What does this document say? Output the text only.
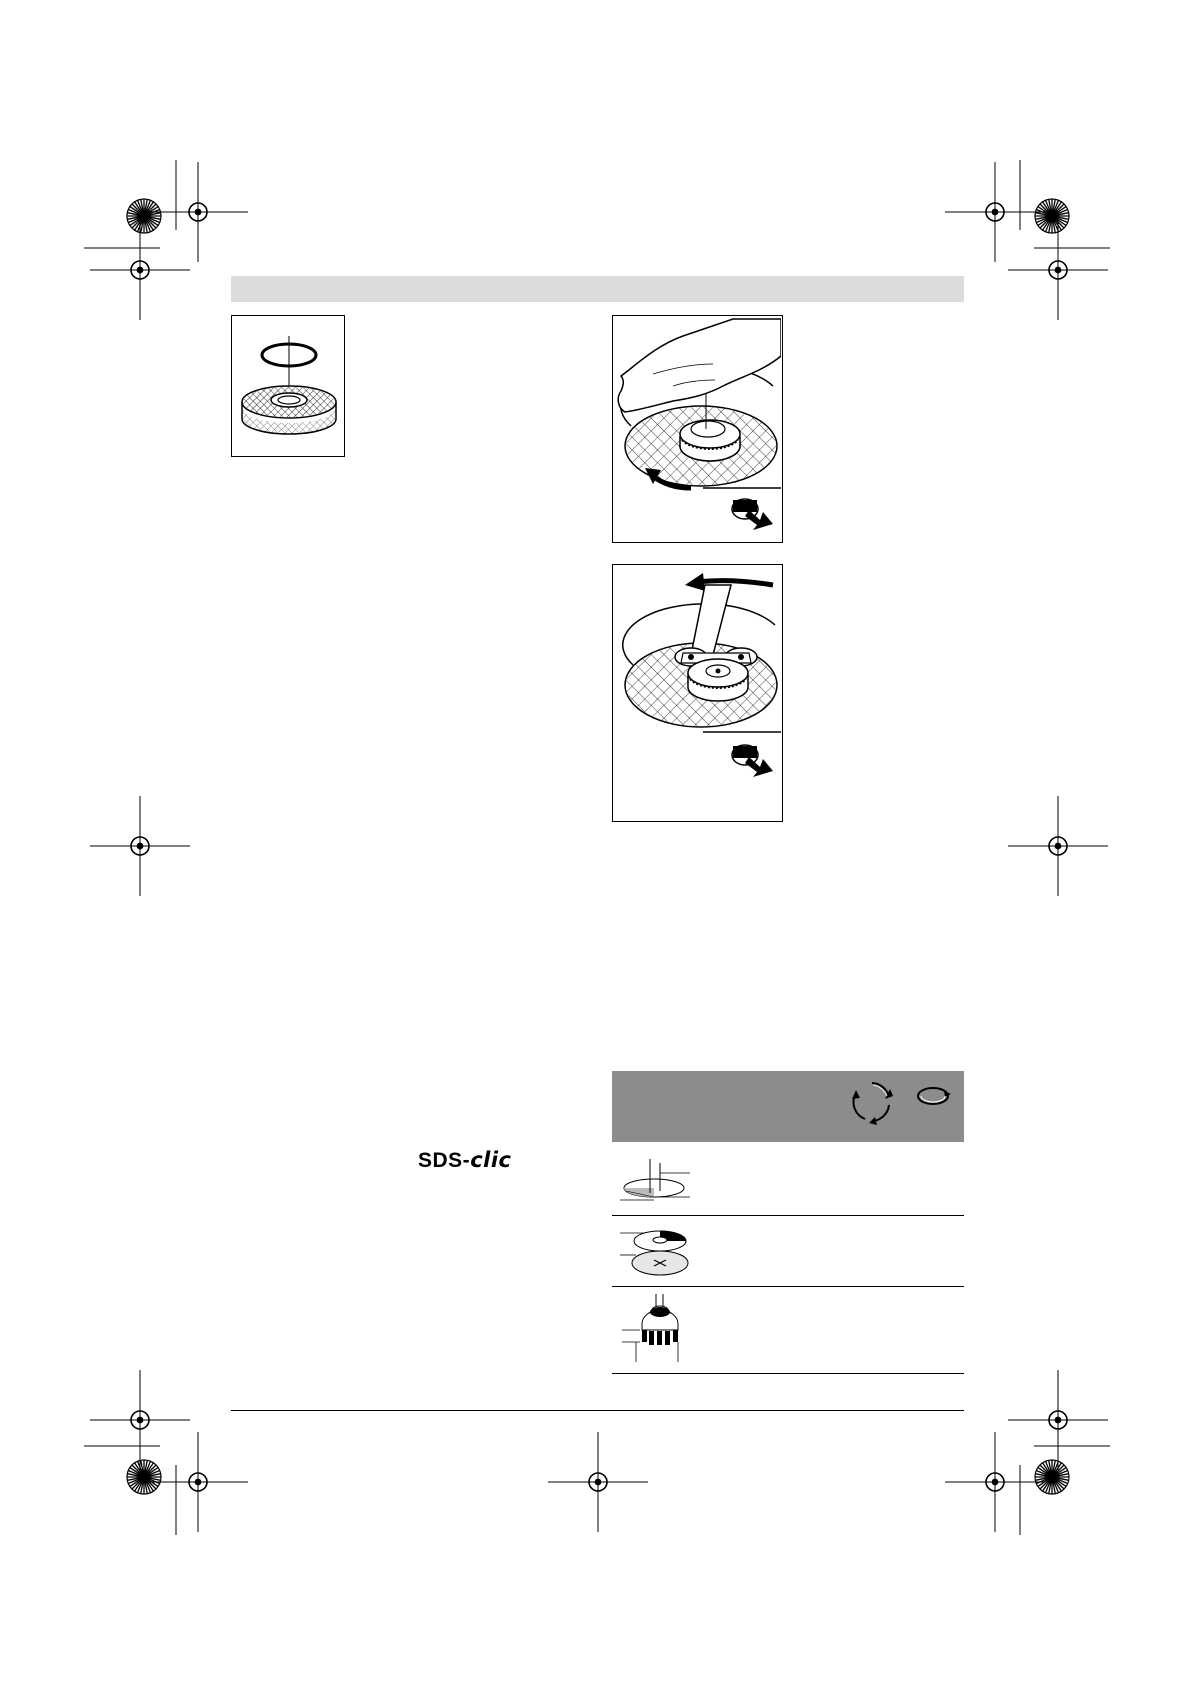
SDS-clic
